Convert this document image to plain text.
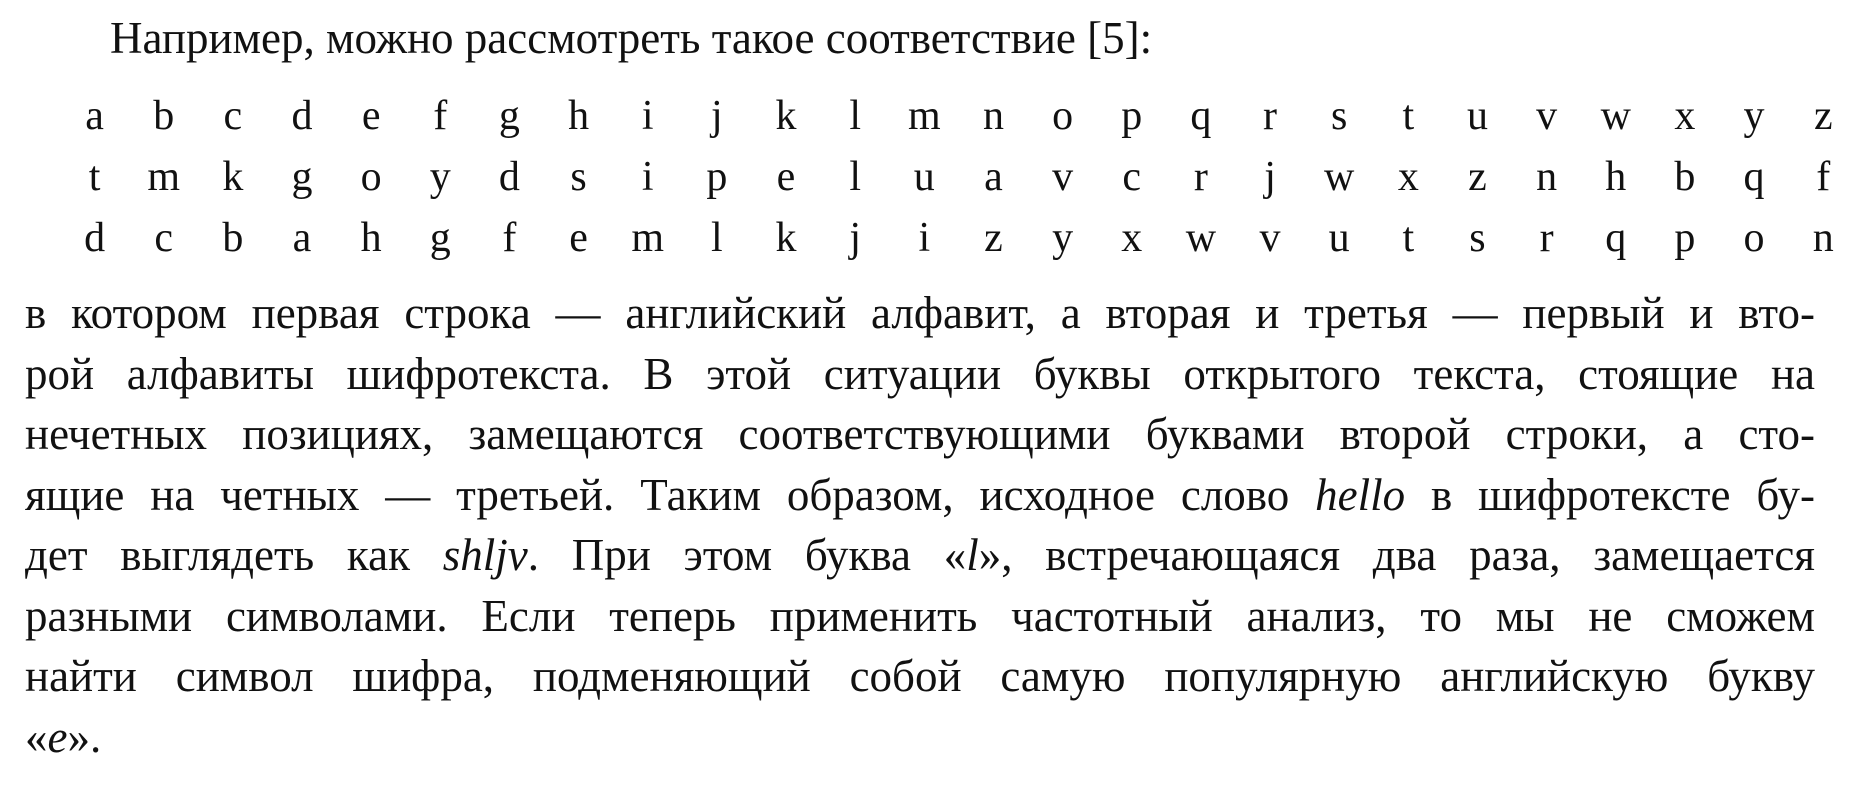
Например, можно рассмотреть такое соответствие [5]:
a	b	c	d	e	f	g	h	i	j	k	l	m	n	o	p	q	r	s	t	u	v	w	x	y	z
t	m	k	g	o	y	d	s	i	p	e	l	u	a	v	c	r	j	w	x	z	n	h	b	q	f
d	c	b	a	h	g	f	e	m	l	k	j	i	z	y	x	w	v	u	t	s	r	q	p	o	n
в котором первая строка — английский алфавит, а вторая и третья — первый и вто-
рой алфавиты шифротекста. В этой ситуации буквы открытого текста, стоящие на
нечетных позициях, замещаются соответствующими буквами второй строки, а сто-
ящие на четных — третьей. Таким образом, исходное слово hello в шифротексте бу-
дет выглядеть как shljv. При этом буква «l», встречающаяся два раза, замещается
разными символами. Если теперь применить частотный анализ, то мы не сможем
найти символ шифра, подменяющий собой самую популярную английскую букву
«e».
